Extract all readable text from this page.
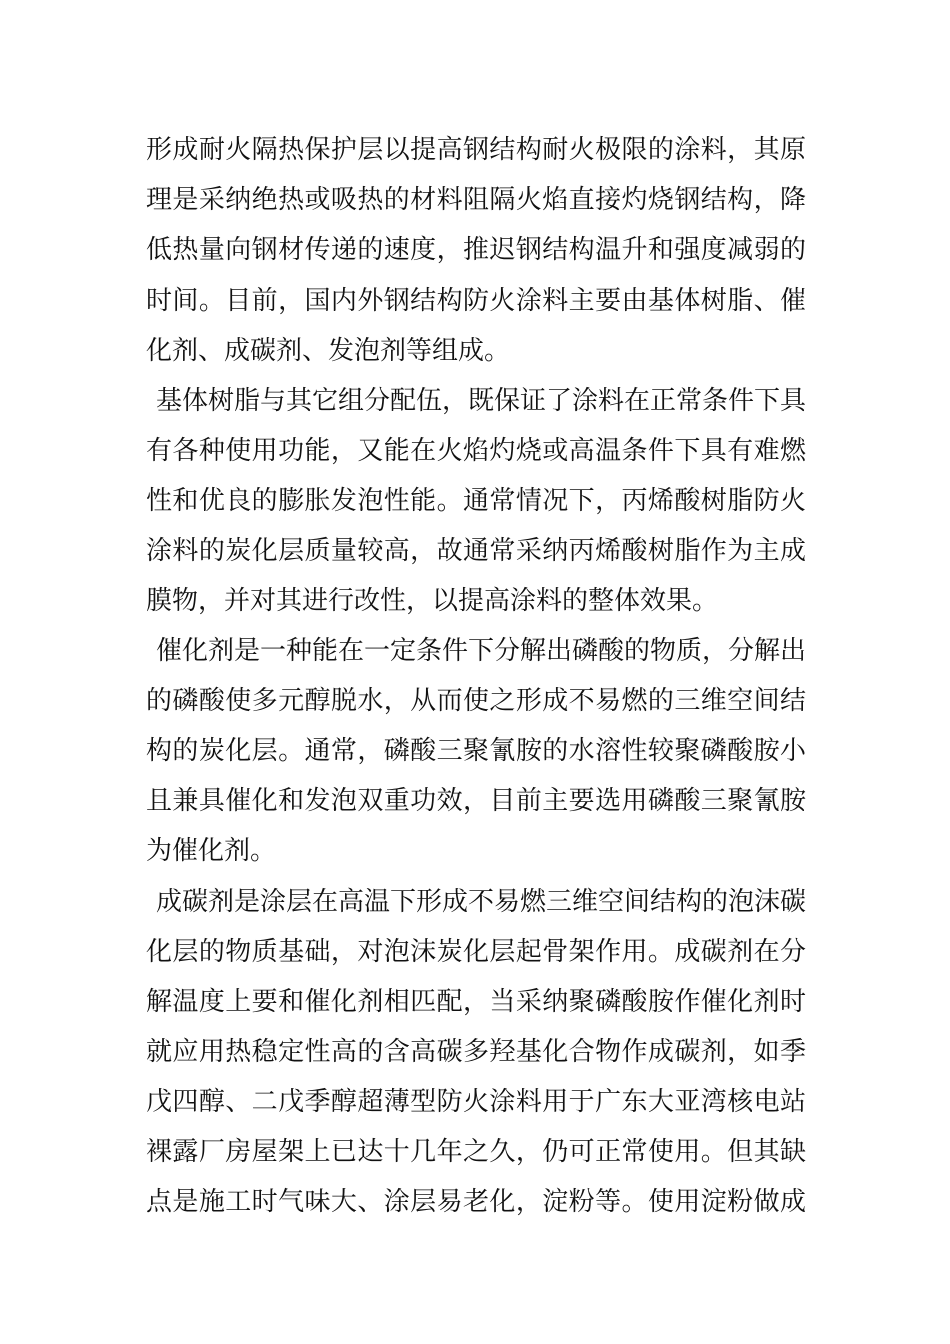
形成耐火隔热保护层以提高钢结构耐火极限的涂料，其原
理是采纳绝热或吸热的材料阻隔火焰直接灼烧钢结构，降
低热量向钢材传递的速度，推迟钢结构温升和强度减弱的
时间。目前，国内外钢结构防火涂料主要由基体树脂、催
化剂、成碳剂、发泡剂等组成。
基体树脂与其它组分配伍，既保证了涂料在正常条件下具
有各种使用功能，又能在火焰灼烧或高温条件下具有难燃
性和优良的膨胀发泡性能。通常情况下，丙烯酸树脂防火
涂料的炭化层质量较高，故通常采纳丙烯酸树脂作为主成
膜物，并对其进行改性，以提高涂料的整体效果。
催化剂是一种能在一定条件下分解出磷酸的物质，分解出
的磷酸使多元醇脱水，从而使之形成不易燃的三维空间结
构的炭化层。通常，磷酸三聚氰胺的水溶性较聚磷酸胺小
且兼具催化和发泡双重功效，目前主要选用磷酸三聚氰胺
为催化剂。
成碳剂是涂层在高温下形成不易燃三维空间结构的泡沫碳
化层的物质基础，对泡沫炭化层起骨架作用。成碳剂在分
解温度上要和催化剂相匹配，当采纳聚磷酸胺作催化剂时
就应用热稳定性高的含高碳多羟基化合物作成碳剂，如季
戊四醇、二戊季醇超薄型防火涂料用于广东大亚湾核电站
裸露厂房屋架上已达十几年之久，仍可正常使用。但其缺
点是施工时气味大、涂层易老化，淀粉等。使用淀粉做成
